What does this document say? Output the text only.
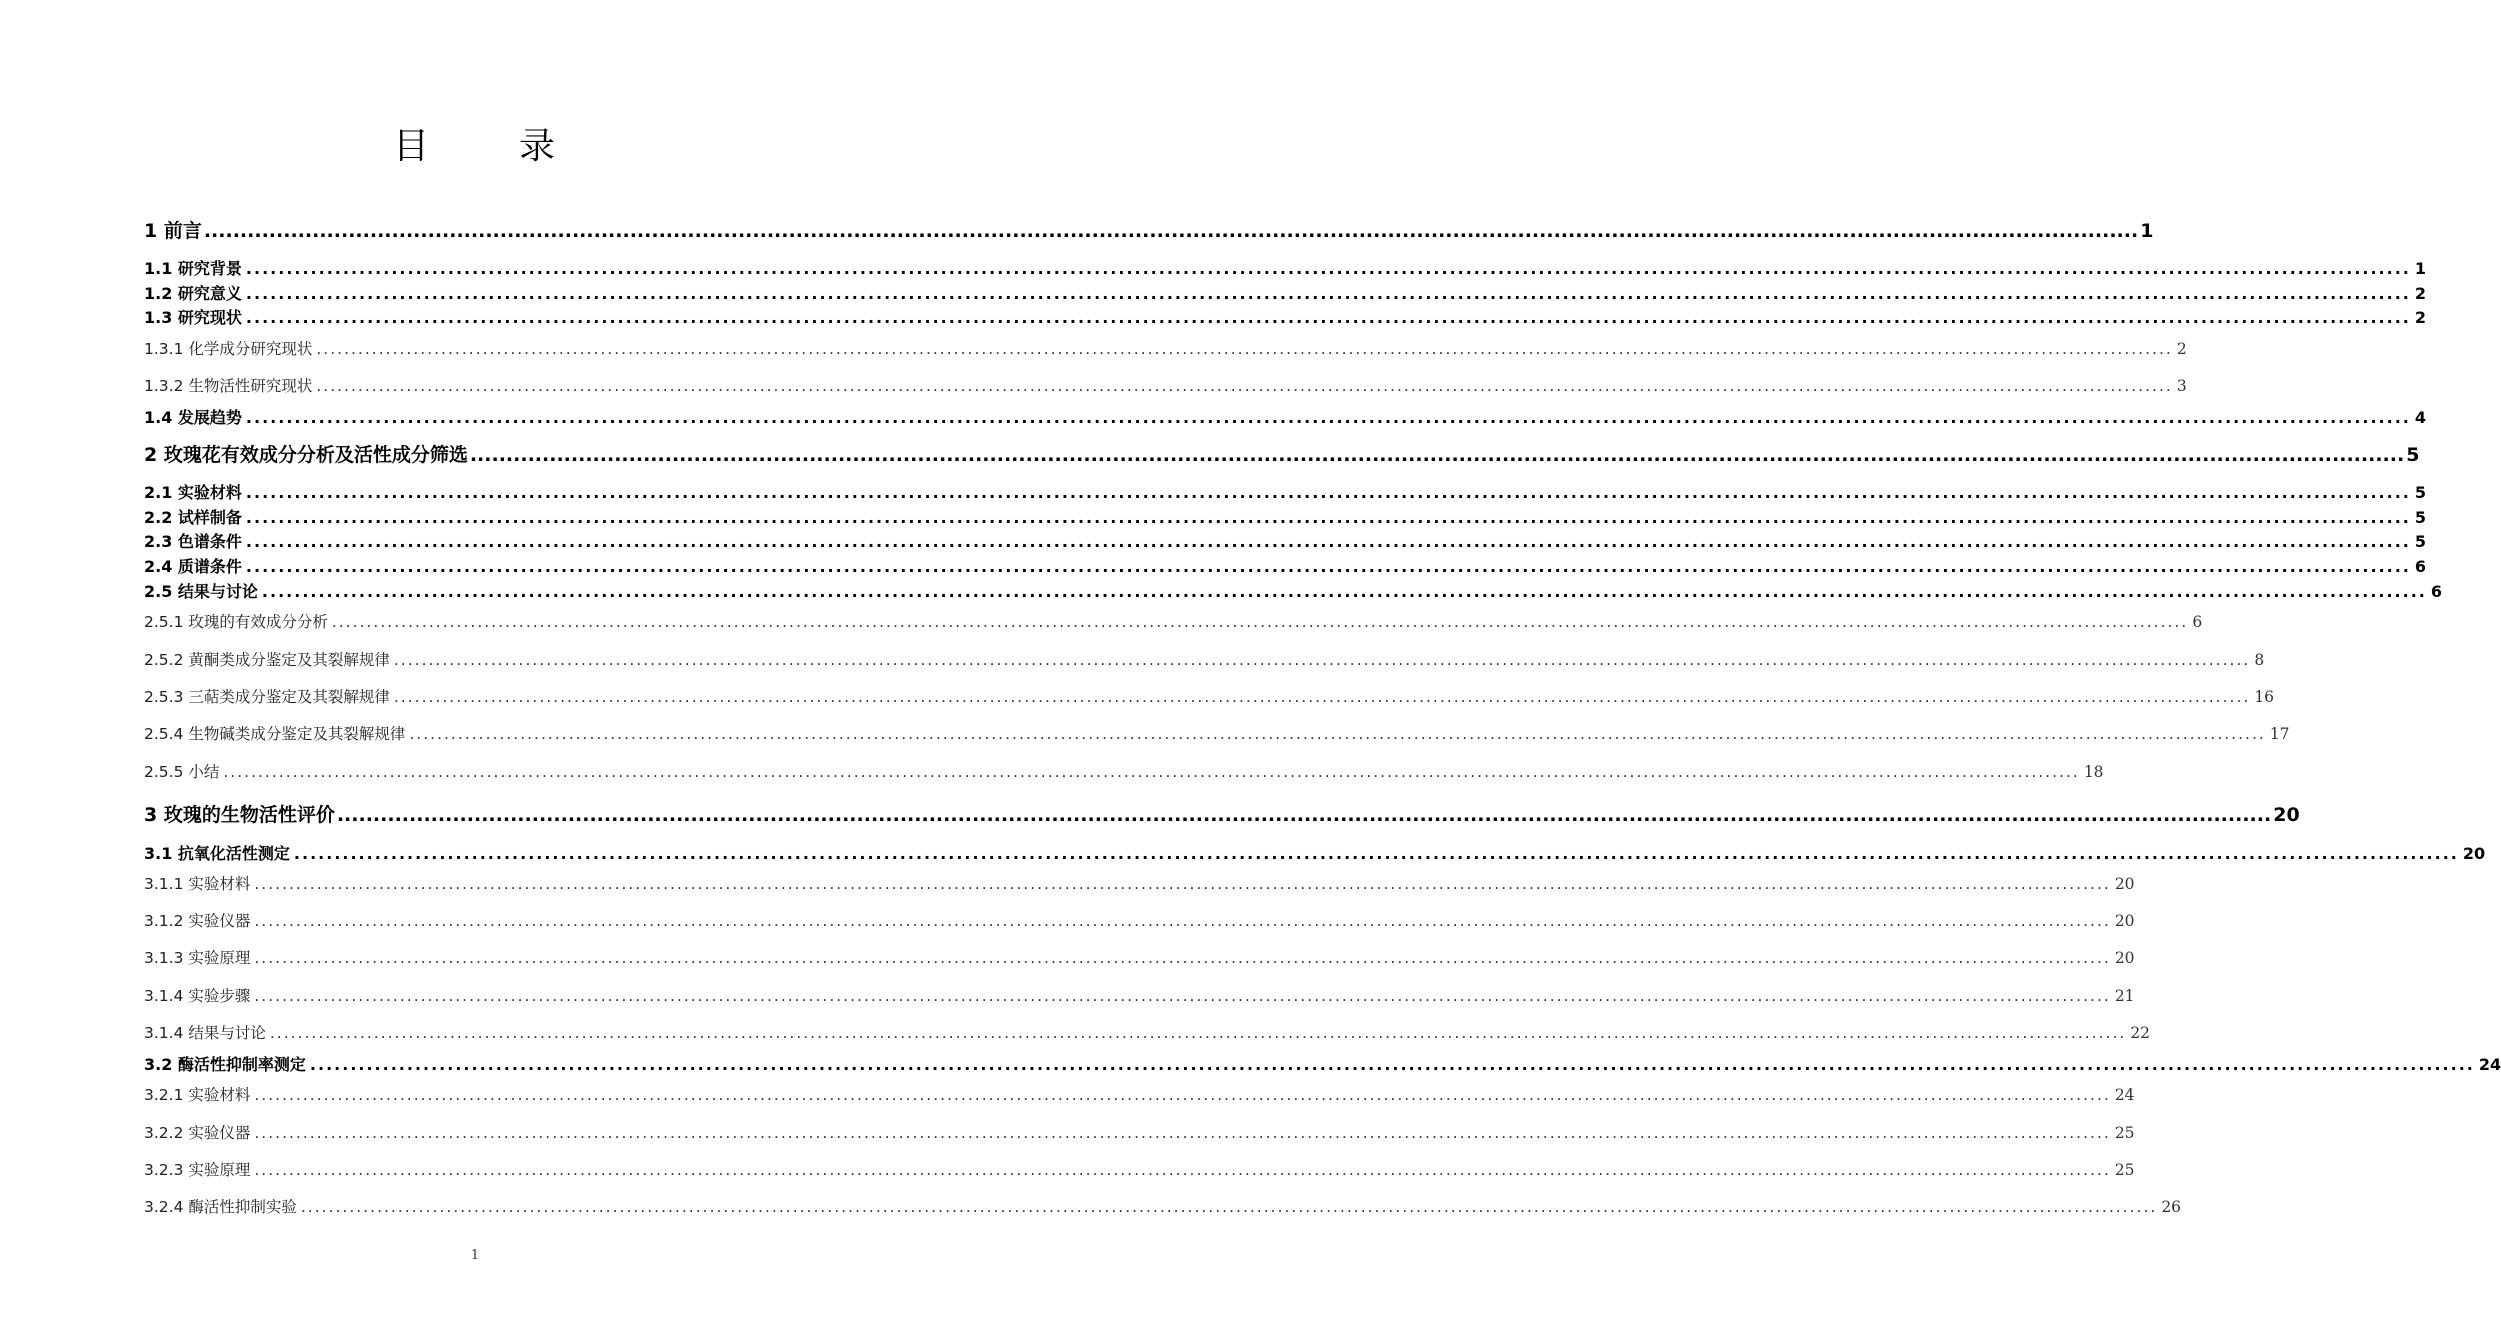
目 录
1 前言 ............................................................................................................................................................................................................................................................................ 1
1.1 研究背景 ............................................................................................................................................................................................................................................................................ 1
1.2 研究意义 ............................................................................................................................................................................................................................................................................ 2
1.3 研究现状 ............................................................................................................................................................................................................................................................................ 2
1.3.1 化学成分研究现状 ............................................................................................................................................................................................................................................................................ 2
1.3.2 生物活性研究现状 ............................................................................................................................................................................................................................................................................ 3
1.4 发展趋势 ............................................................................................................................................................................................................................................................................ 4
2 玫瑰花有效成分分析及活性成分筛选 ............................................................................................................................................................................................................................................................................ 5
2.1 实验材料 ............................................................................................................................................................................................................................................................................ 5
2.2 试样制备 ............................................................................................................................................................................................................................................................................ 5
2.3 色谱条件 ............................................................................................................................................................................................................................................................................ 5
2.4 质谱条件 ............................................................................................................................................................................................................................................................................ 6
2.5 结果与讨论 ............................................................................................................................................................................................................................................................................ 6
2.5.1 玫瑰的有效成分分析 ............................................................................................................................................................................................................................................................................ 6
2.5.2 黄酮类成分鉴定及其裂解规律 ............................................................................................................................................................................................................................................................................ 8
2.5.3 三萜类成分鉴定及其裂解规律 ............................................................................................................................................................................................................................................................................ 16
2.5.4 生物碱类成分鉴定及其裂解规律 ............................................................................................................................................................................................................................................................................ 17
2.5.5 小结 ............................................................................................................................................................................................................................................................................ 18
3 玫瑰的生物活性评价 ............................................................................................................................................................................................................................................................................ 20
3.1 抗氧化活性测定 ............................................................................................................................................................................................................................................................................ 20
3.1.1 实验材料 ............................................................................................................................................................................................................................................................................ 20
3.1.2 实验仪器 ............................................................................................................................................................................................................................................................................ 20
3.1.3 实验原理 ............................................................................................................................................................................................................................................................................ 20
3.1.4 实验步骤 ............................................................................................................................................................................................................................................................................ 21
3.1.4 结果与讨论 ............................................................................................................................................................................................................................................................................ 22
3.2 酶活性抑制率测定 ............................................................................................................................................................................................................................................................................ 24
3.2.1 实验材料 ............................................................................................................................................................................................................................................................................ 24
3.2.2 实验仪器 ............................................................................................................................................................................................................................................................................ 25
3.2.3 实验原理 ............................................................................................................................................................................................................................................................................ 25
3.2.4 酶活性抑制实验 ............................................................................................................................................................................................................................................................................ 26
1
